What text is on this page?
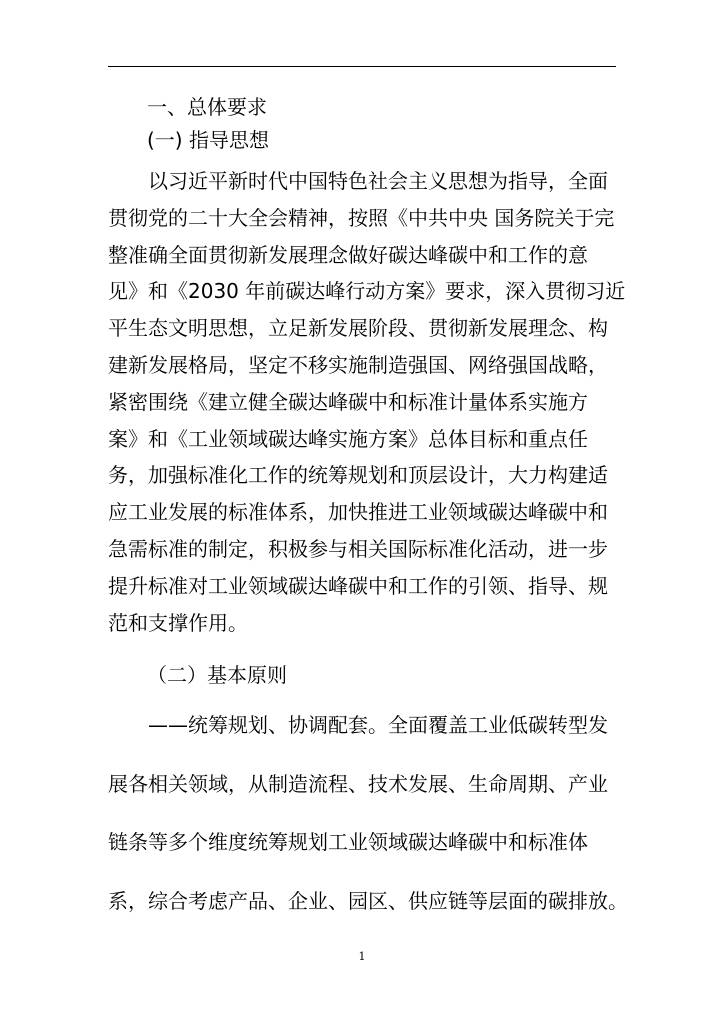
一、总体要求

(一) 指导思想

　　以习近平新时代中国特色社会主义思想为指导，全面
贯彻党的二十大全会精神，按照《中共中央 国务院关于完
整准确全面贯彻新发展理念做好碳达峰碳中和工作的意
见》和《2030 年前碳达峰行动方案》要求，深入贯彻习近
平生态文明思想，立足新发展阶段、贯彻新发展理念、构
建新发展格局，坚定不移实施制造强国、网络强国战略，
紧密围绕《建立健全碳达峰碳中和标准计量体系实施方
案》和《工业领域碳达峰实施方案》总体目标和重点任
务，加强标准化工作的统筹规划和顶层设计，大力构建适
应工业发展的标准体系，加快推进工业领域碳达峰碳中和
急需标准的制定，积极参与相关国际标准化活动，进一步
提升标准对工业领域碳达峰碳中和工作的引领、指导、规
范和支撑作用。

（二）基本原则

　　——统筹规划、协调配套。全面覆盖工业低碳转型发
展各相关领域，从制造流程、技术发展、生命周期、产业
链条等多个维度统筹规划工业领域碳达峰碳中和标准体
系，综合考虑产品、企业、园区、供应链等层面的碳排放。
1
